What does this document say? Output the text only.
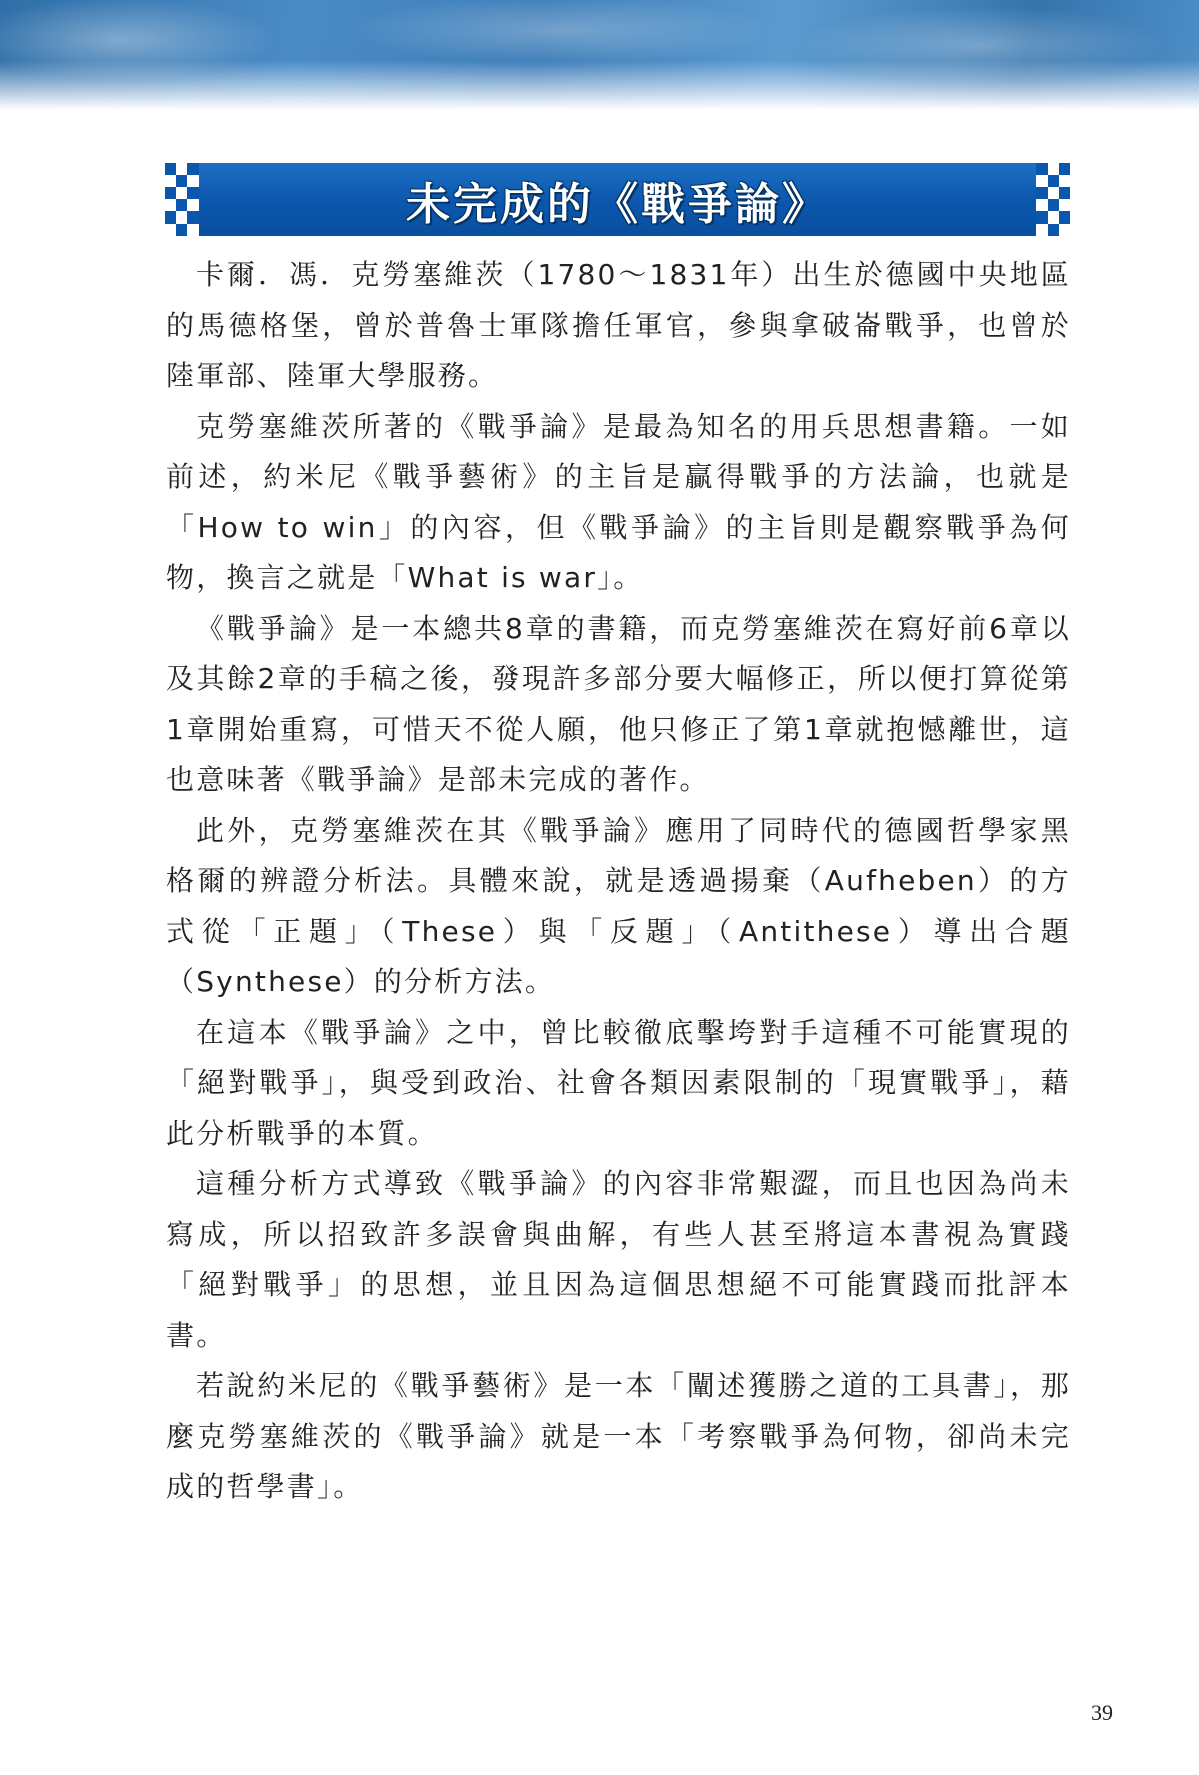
未完成的《戰爭論》

卡爾．馮．克勞塞維茨（1780～1831年）出生於德國中央地區的馬德格堡，曾於普魯士軍隊擔任軍官，參與拿破崙戰爭，也曾於陸軍部、陸軍大學服務。

克勞塞維茨所著的《戰爭論》是最為知名的用兵思想書籍。一如前述，約米尼《戰爭藝術》的主旨是贏得戰爭的方法論，也就是「How to win」的內容，但《戰爭論》的主旨則是觀察戰爭為何物，換言之就是「What is war」。

《戰爭論》是一本總共8章的書籍，而克勞塞維茨在寫好前6章以及其餘2章的手稿之後，發現許多部分要大幅修正，所以便打算從第1章開始重寫，可惜天不從人願，他只修正了第1章就抱憾離世，這也意味著《戰爭論》是部未完成的著作。

此外，克勞塞維茨在其《戰爭論》應用了同時代的德國哲學家黑格爾的辨證分析法。具體來說，就是透過揚棄（Aufheben）的方式從「正題」（These）與「反題」（Antithese）導出合題（Synthese）的分析方法。

在這本《戰爭論》之中，曾比較徹底擊垮對手這種不可能實現的「絕對戰爭」，與受到政治、社會各類因素限制的「現實戰爭」，藉此分析戰爭的本質。

這種分析方式導致《戰爭論》的內容非常艱澀，而且也因為尚未寫成，所以招致許多誤會與曲解，有些人甚至將這本書視為實踐「絕對戰爭」的思想，並且因為這個思想絕不可能實踐而批評本書。

若說約米尼的《戰爭藝術》是一本「闡述獲勝之道的工具書」，那麼克勞塞維茨的《戰爭論》就是一本「考察戰爭為何物，卻尚未完成的哲學書」。

39
